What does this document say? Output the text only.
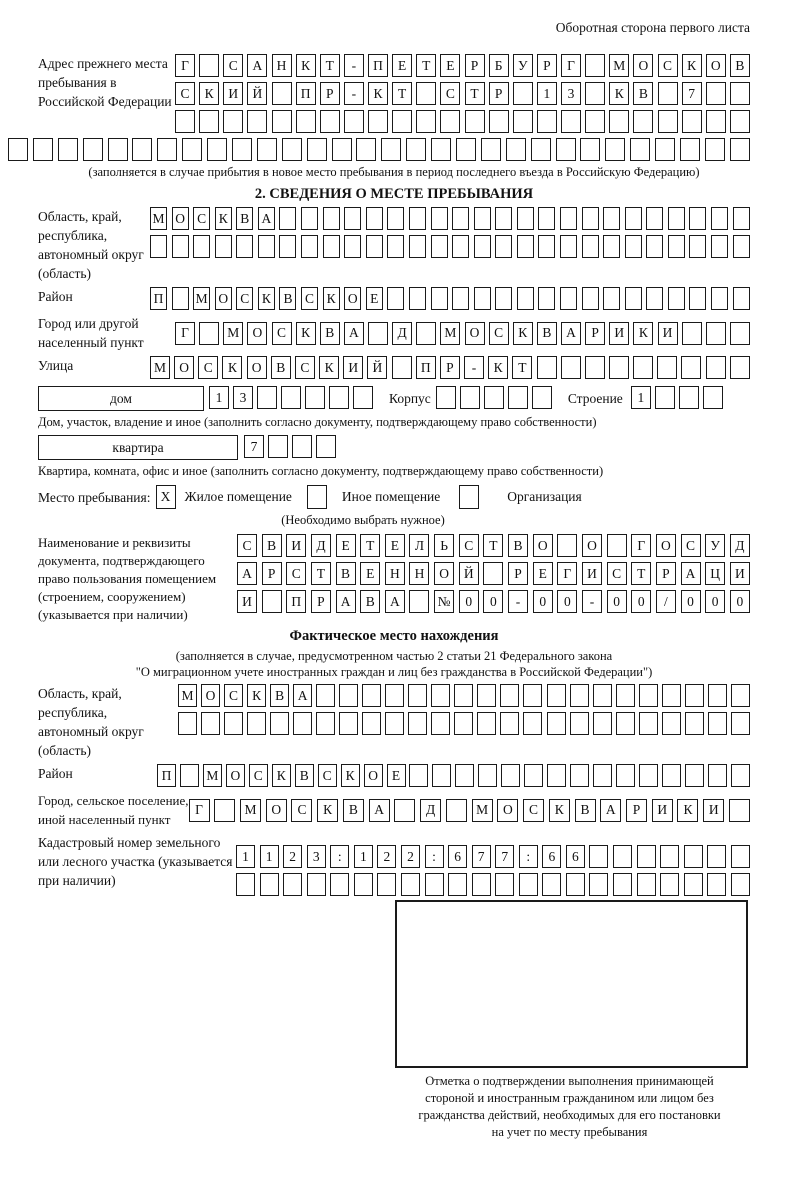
Оборотная сторона первого листа
Адрес прежнего места пребывания в Российской Федерации
Г	С	А	Н	К	Т	-	П	Е	Т	Е	Р	Б	У	Р	Г	М О	С	К	О	В
С	К	И	Й	П	Р	-	К	Т	С	Т	Р	1	3	К	В	7
(заполняется в случае прибытия в новое место пребывания в период последнего въезда в Российскую Федерацию)
2. СВЕДЕНИЯ О МЕСТЕ ПРЕБЫВАНИЯ
Область, край, республика, автономный округ (область)
М О С К В А
Район	П М О С К В С К О Е
Город или другой населенный пункт
Г	М О	С	К	В	А	Д	М О	С	К	В	А	Р	И	К	И
Улица	М О	С	К	О	В	С	К	И	Й	П	Р	-	К	Т
дом	1	3	Корпус	Строение	1
Дом, участок, владение и иное (заполнить согласно документу, подтверждающему право собственности)
квартира	7
Квартира, комната, офис и иное (заполнить согласно документу, подтверждающему право собственности)
Место пребывания: X	Жилое помещение	Иное помещение	Организация
(Необходимо выбрать нужное)
Наименование и реквизиты документа, подтверждающего право пользования помещением (строением, сооружением) (указывается при наличии)
С	В	И	Д	Е	Т	Е	Л	Ь	С	Т	В	О	О	Г	О	С	У	Д
А	Р	С	Т	В	Е	Н	Н	О	Й	Р	Е	Г	И	С	Т	Р	А	Ц	И
И	П	Р	А	В	А	№	0	0	-	0	0	-	0	0	/	0	0	0
Фактическое место нахождения
(заполняется в случае, предусмотренном частью 2 статьи 21 Федерального закона
"О миграционном учете иностранных граждан и лиц без гражданства в Российской Федерации")
Область, край, республика, автономный округ (область)
М О	С	К	В	А
Район	П	М О	С	К	В	С	К	О	Е
Город, сельское поселение,
иной населенный пункт
Г	М	О	С	К	В	А	Д	М	О	С	К	В	А	Р	И	К	И
Кадастровый номер земельного или лесного участка (указывается при наличии)
1	1	2	3	:	1	2	2	:	6	7	7	:	6	6
Отметка о подтверждении выполнения принимающей
стороной и иностранным гражданином или лицом без
гражданства действий, необходимых для его постановки
на учет по месту пребывания
